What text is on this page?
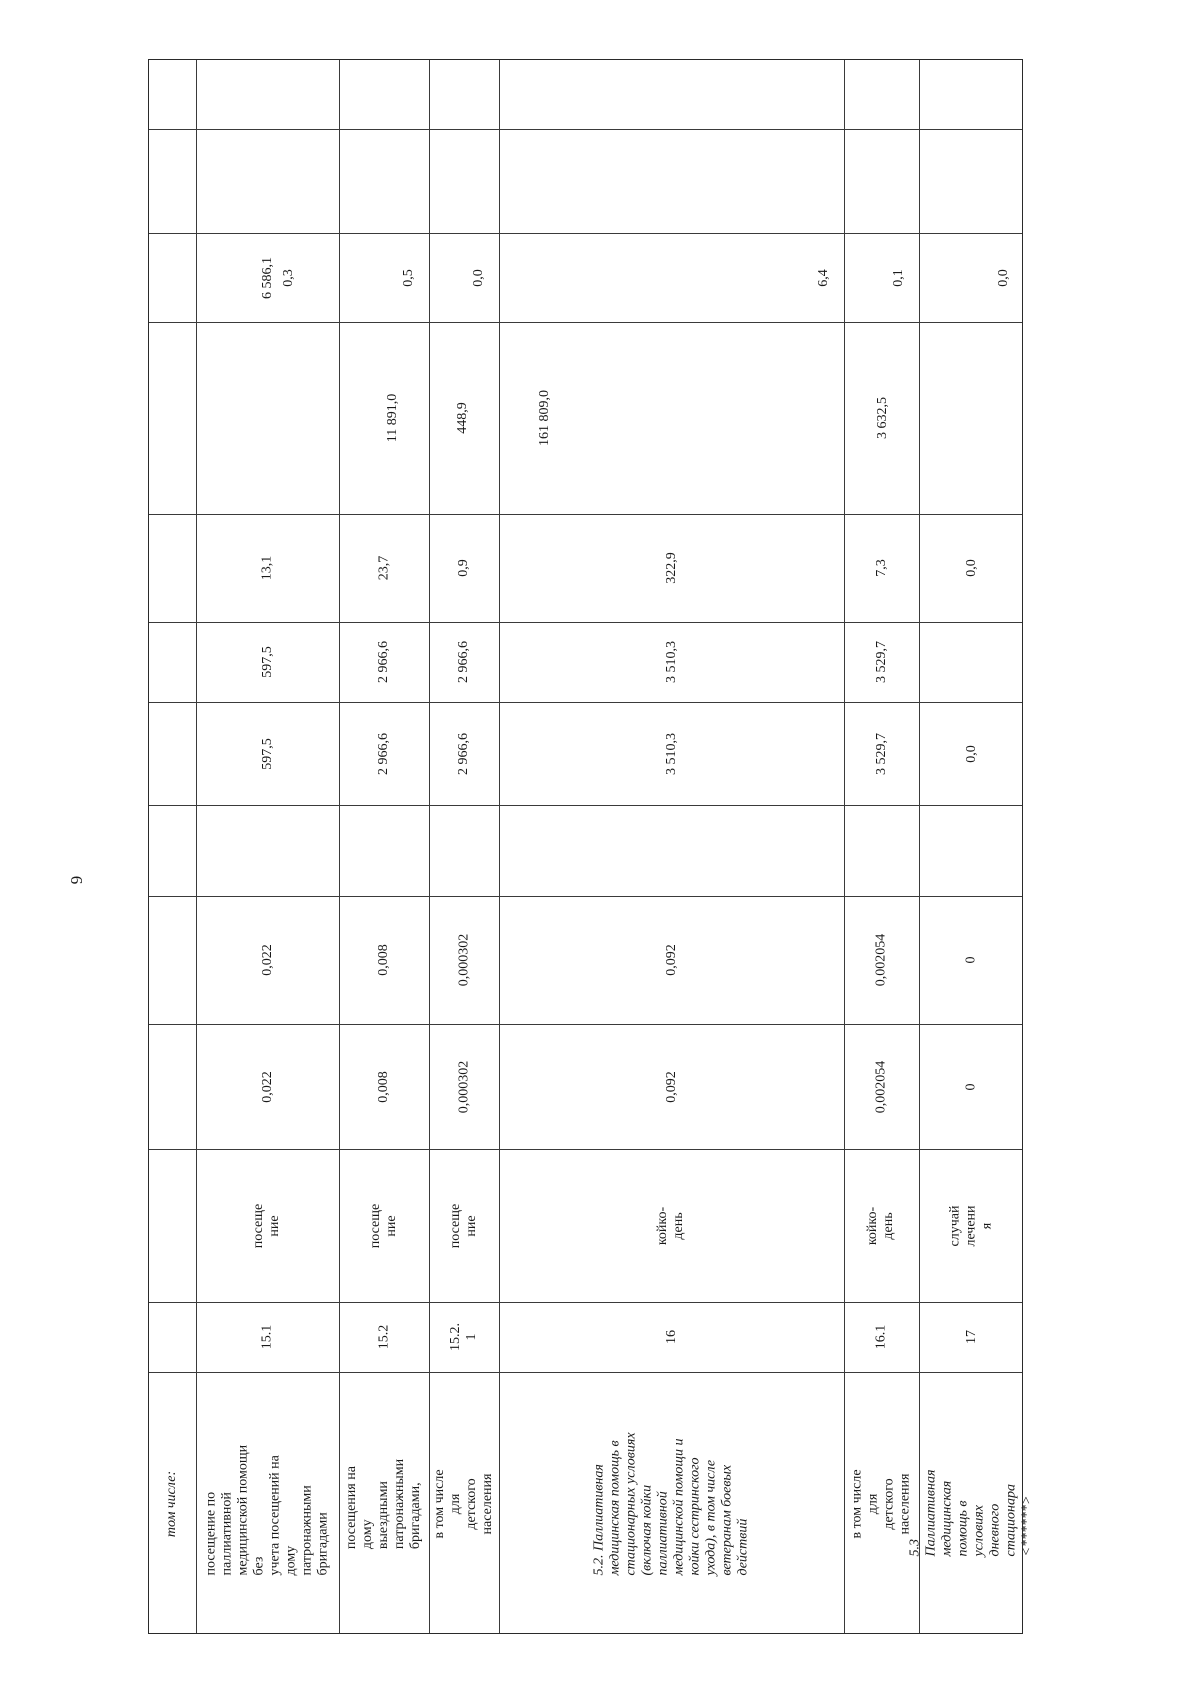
6
том числе:
посещение по
паллиативной
медицинской помощи без
учета посещений на дому
патронажными бригадами
15.1
посеще
ние
0,022
0,022
597,5
597,5
13,1
6 586,1 0,3
посещения на дому
выездными патронажными
бригадами,
15.2
посеще
ние
0,008
0,008
2 966,6
2 966,6
23,7
11 891,0
0,5
в том числе для
детского населения
15.2.
1
посеще
ние
0,000302
0,000302
2 966,6
2 966,6
0,9
448,9
0,0
5.2. Паллиативная
медицинская помощь в
стационарных условиях
(включая койки
паллиативной
медицинской помощи и
койки сестринского
ухода), в том числе
ветеранам боевых
действий
16
койко-
день
0,092
0,092
3 510,3
3 510,3
322,9
161 809,0
6,4
в том числе для
детского населения
16.1
койко-
день
0,002054
0,002054
3 529,7
3 529,7
7,3
3 632,5
0,1
5.3 Паллиативная
медицинская помощь в
условиях дневного
стационара <******>
17
случай
лечени
я
0
0
0,0
0,0
0,0
